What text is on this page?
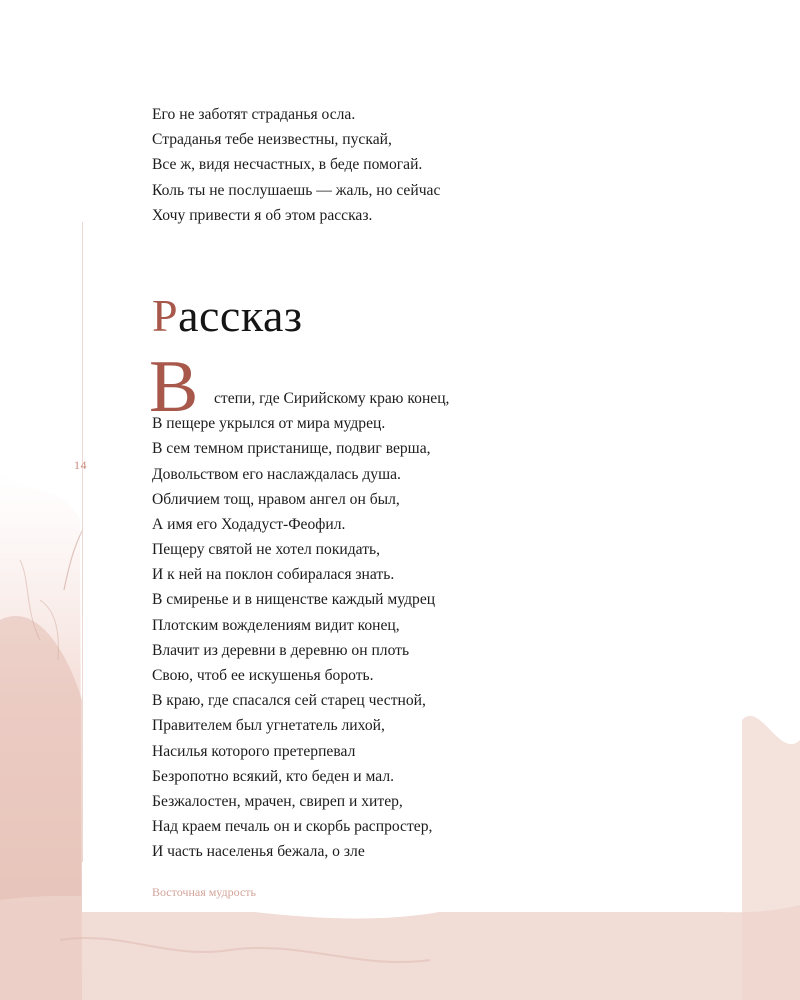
14
Его не заботят страданья осла.
Страданья тебе неизвестны, пускай,
Все ж, видя несчастных, в беде помогай.
Коль ты не послушаешь — жаль, но сейчас
Хочу привести я об этом рассказ.
Рассказ
В	степи, где Сирийскому краю конец,
В пещере укрылся от мира мудрец.
В сем темном пристанище, подвиг верша,
Довольством его наслаждалась душа.
Обличием тощ, нравом ангел он был,
А имя его Ходадуст-Феофил.
Пещеру святой не хотел покидать,
И к ней на поклон собиралася знать.
В смиренье и в нищенстве каждый мудрец
Плотским вожделениям видит конец,
Влачит из деревни в деревню он плоть
Свою, чтоб ее искушенья бороть.
В краю, где спасался сей старец честной,
Правителем был угнетатель лихой,
Насилья которого претерпевал
Безропотно всякий, кто беден и мал.
Безжалостен, мрачен, свиреп и хитер,
Над краем печаль он и скорбь распростер,
И часть населенья бежала, о зле
Восточная мудрость
